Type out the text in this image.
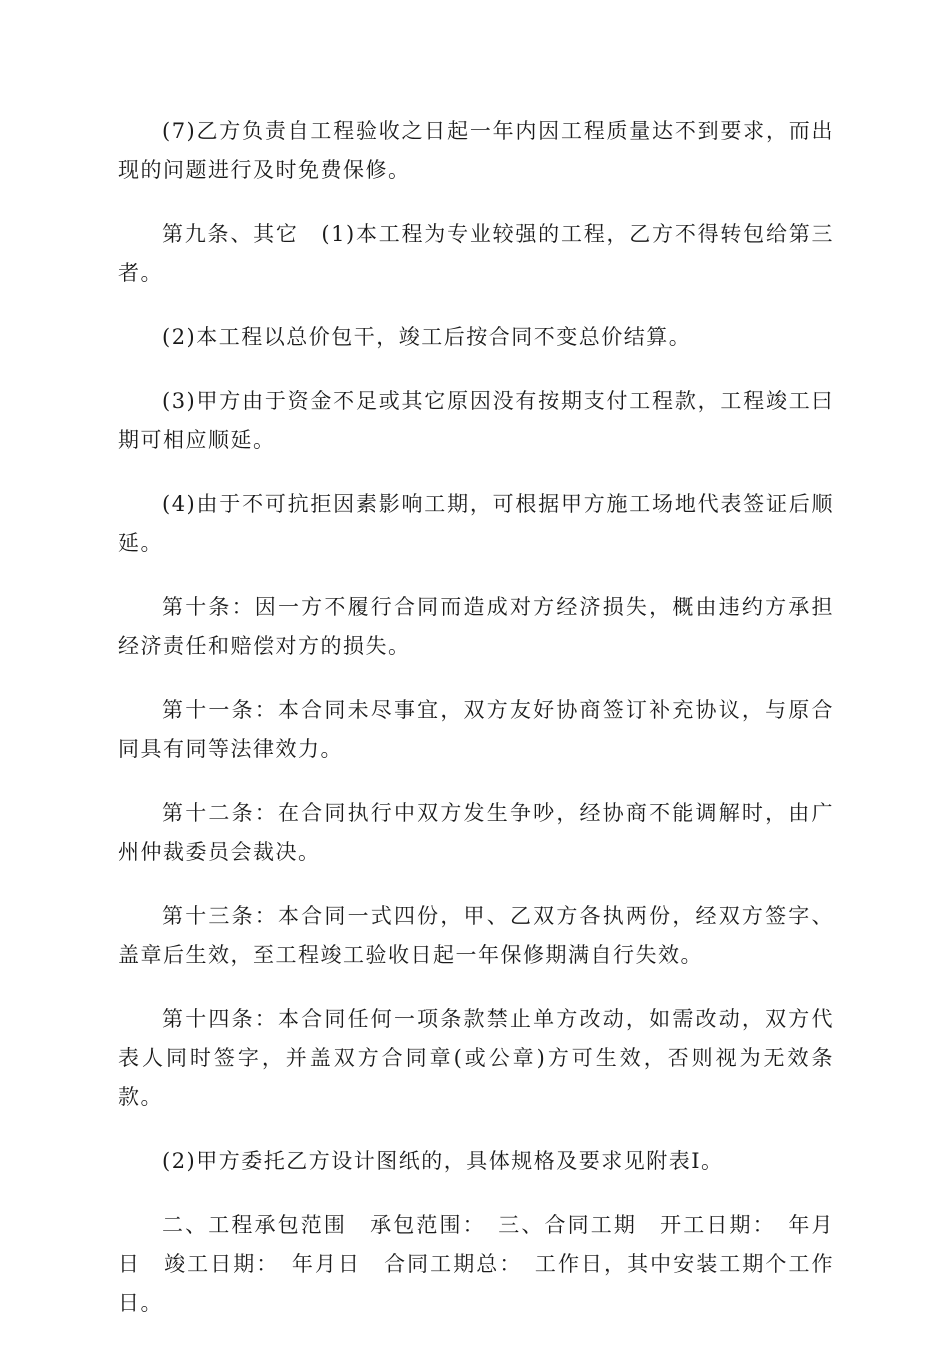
(7)乙方负责自工程验收之日起一年内因工程质量达不到要求，而出现的问题进行及时免费保修。

第九条、其它　(1)本工程为专业较强的工程，乙方不得转包给第三者。

(2)本工程以总价包干，竣工后按合同不变总价结算。

(3)甲方由于资金不足或其它原因没有按期支付工程款，工程竣工曰期可相应顺延。

(4)由于不可抗拒因素影响工期，可根据甲方施工场地代表签证后顺延。

第十条：因一方不履行合同而造成对方经济损失，概由违约方承担经济责任和赔偿对方的损失。

第十一条：本合同未尽事宜，双方友好协商签订补充协议，与原合同具有同等法律效力。

第十二条：在合同执行中双方发生争吵，经协商不能调解时，由广州仲裁委员会裁决。

第十三条：本合同一式四份，甲、乙双方各执两份，经双方签字、盖章后生效，至工程竣工验收日起一年保修期满自行失效。

第十四条：本合同任何一项条款禁止单方改动，如需改动，双方代表人同时签字，并盖双方合同章(或公章)方可生效，否则视为无效条款。

(2)甲方委托乙方设计图纸的，具体规格及要求见附表Ⅰ。

二、工程承包范围　承包范围：　三、合同工期　开工日期：　年月日　竣工日期：　年月日　合同工期总：　工作日，其中安装工期个工作日。
